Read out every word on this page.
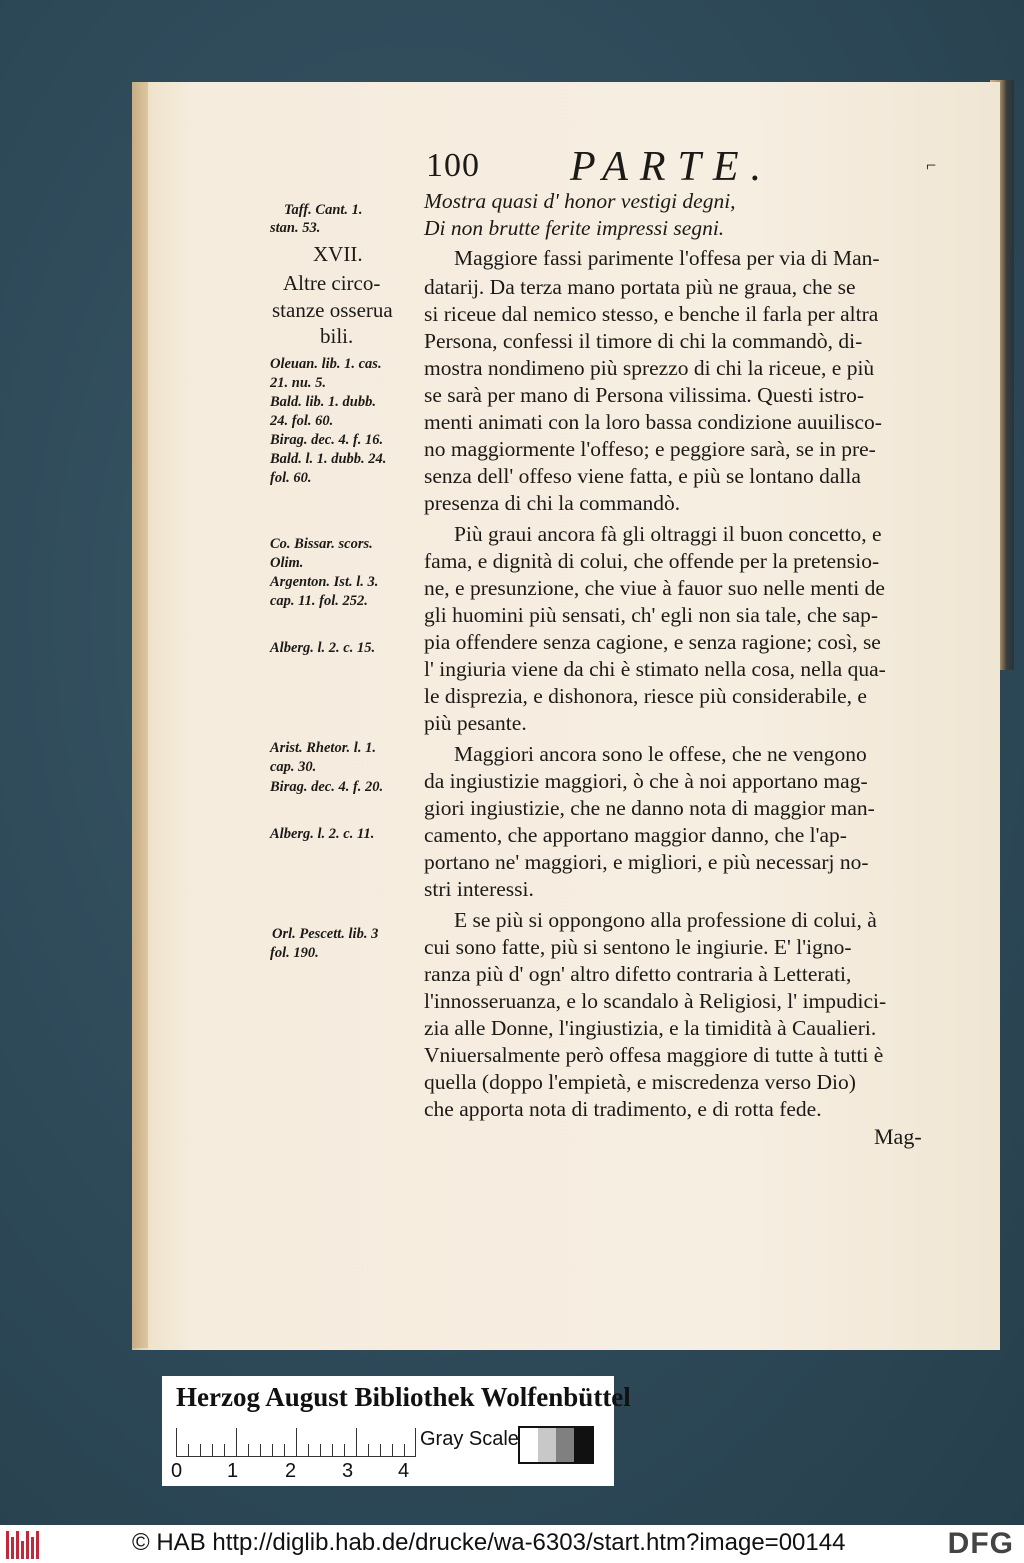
100 PARTE.	⌐
Mostra quasi d' honor vestigi degni,
Di non brutte ferite impressi segni.
Maggiore fassi parimente l'offesa per via di Man-
datarij. Da terza mano portata più ne graua, che se
si riceue dal nemico stesso, e benche il farla per altra
Persona, confessi il timore di chi la commandò, di-
mostra nondimeno più sprezzo di chi la riceue, e più
se sarà per mano di Persona vilissima. Questi istro-
menti animati con la loro bassa condizione auuilisco-
no maggiormente l'offeso; e peggiore sarà, se in pre-
senza dell' offeso viene fatta, e più se lontano dalla
presenza di chi la commandò.
Più graui ancora fà gli oltraggi il buon concetto, e
fama, e dignità di colui, che offende per la pretensio-
ne, e presunzione, che viue à fauor suo nelle menti de
gli huomini più sensati, ch' egli non sia tale, che sap-
pia offendere senza cagione, e senza ragione; così, se
l' ingiuria viene da chi è stimato nella cosa, nella qua-
le disprezia, e dishonora, riesce più considerabile, e
più pesante.
Maggiori ancora sono le offese, che ne vengono
da ingiustizie maggiori, ò che à noi apportano mag-
giori ingiustizie, che ne danno nota di maggior man-
camento, che apportano maggior danno, che l'ap-
portano ne' maggiori, e migliori, e più necessarj no-
stri interessi.
E se più si oppongono alla professione di colui, à
cui sono fatte, più si sentono le ingiurie. E' l'igno-
ranza più d' ogn' altro difetto contraria à Letterati,
l'innosseruanza, e lo scandalo à Religiosi, l' impudici-
zia alle Donne, l'ingiustizia, e la timidità à Caualieri.
Vniuersalmente però offesa maggiore di tutte à tutti è
quella (doppo l'empietà, e miscredenza verso Dio)
che apporta nota di tradimento, e di rotta fede.
Mag-
Taff. Cant. 1.
stan. 53.
XVII.
Altre circo-
stanze osserua
bili.
Oleuan. lib. 1. cas.
21. nu. 5.
Bald. lib. 1. dubb.
24. fol. 60.
Birag. dec. 4. f. 16.
Bald. l. 1. dubb. 24.
fol. 60.
Co. Bissar. scors.
Olim.
Argenton. Ist. l. 3.
cap. 11. fol. 252.
Alberg. l. 2. c. 15.
Arist. Rhetor. l. 1.
cap. 30.
Birag. dec. 4. f. 20.
Alberg. l. 2. c. 11.
Orl. Pescett. lib. 3
fol. 190.
Herzog August Bibliothek Wolfenbüttel
0 1 2 3 4
Gray Scale
© HAB http://diglib.hab.de/drucke/wa-6303/start.htm?image=00144	DFG
